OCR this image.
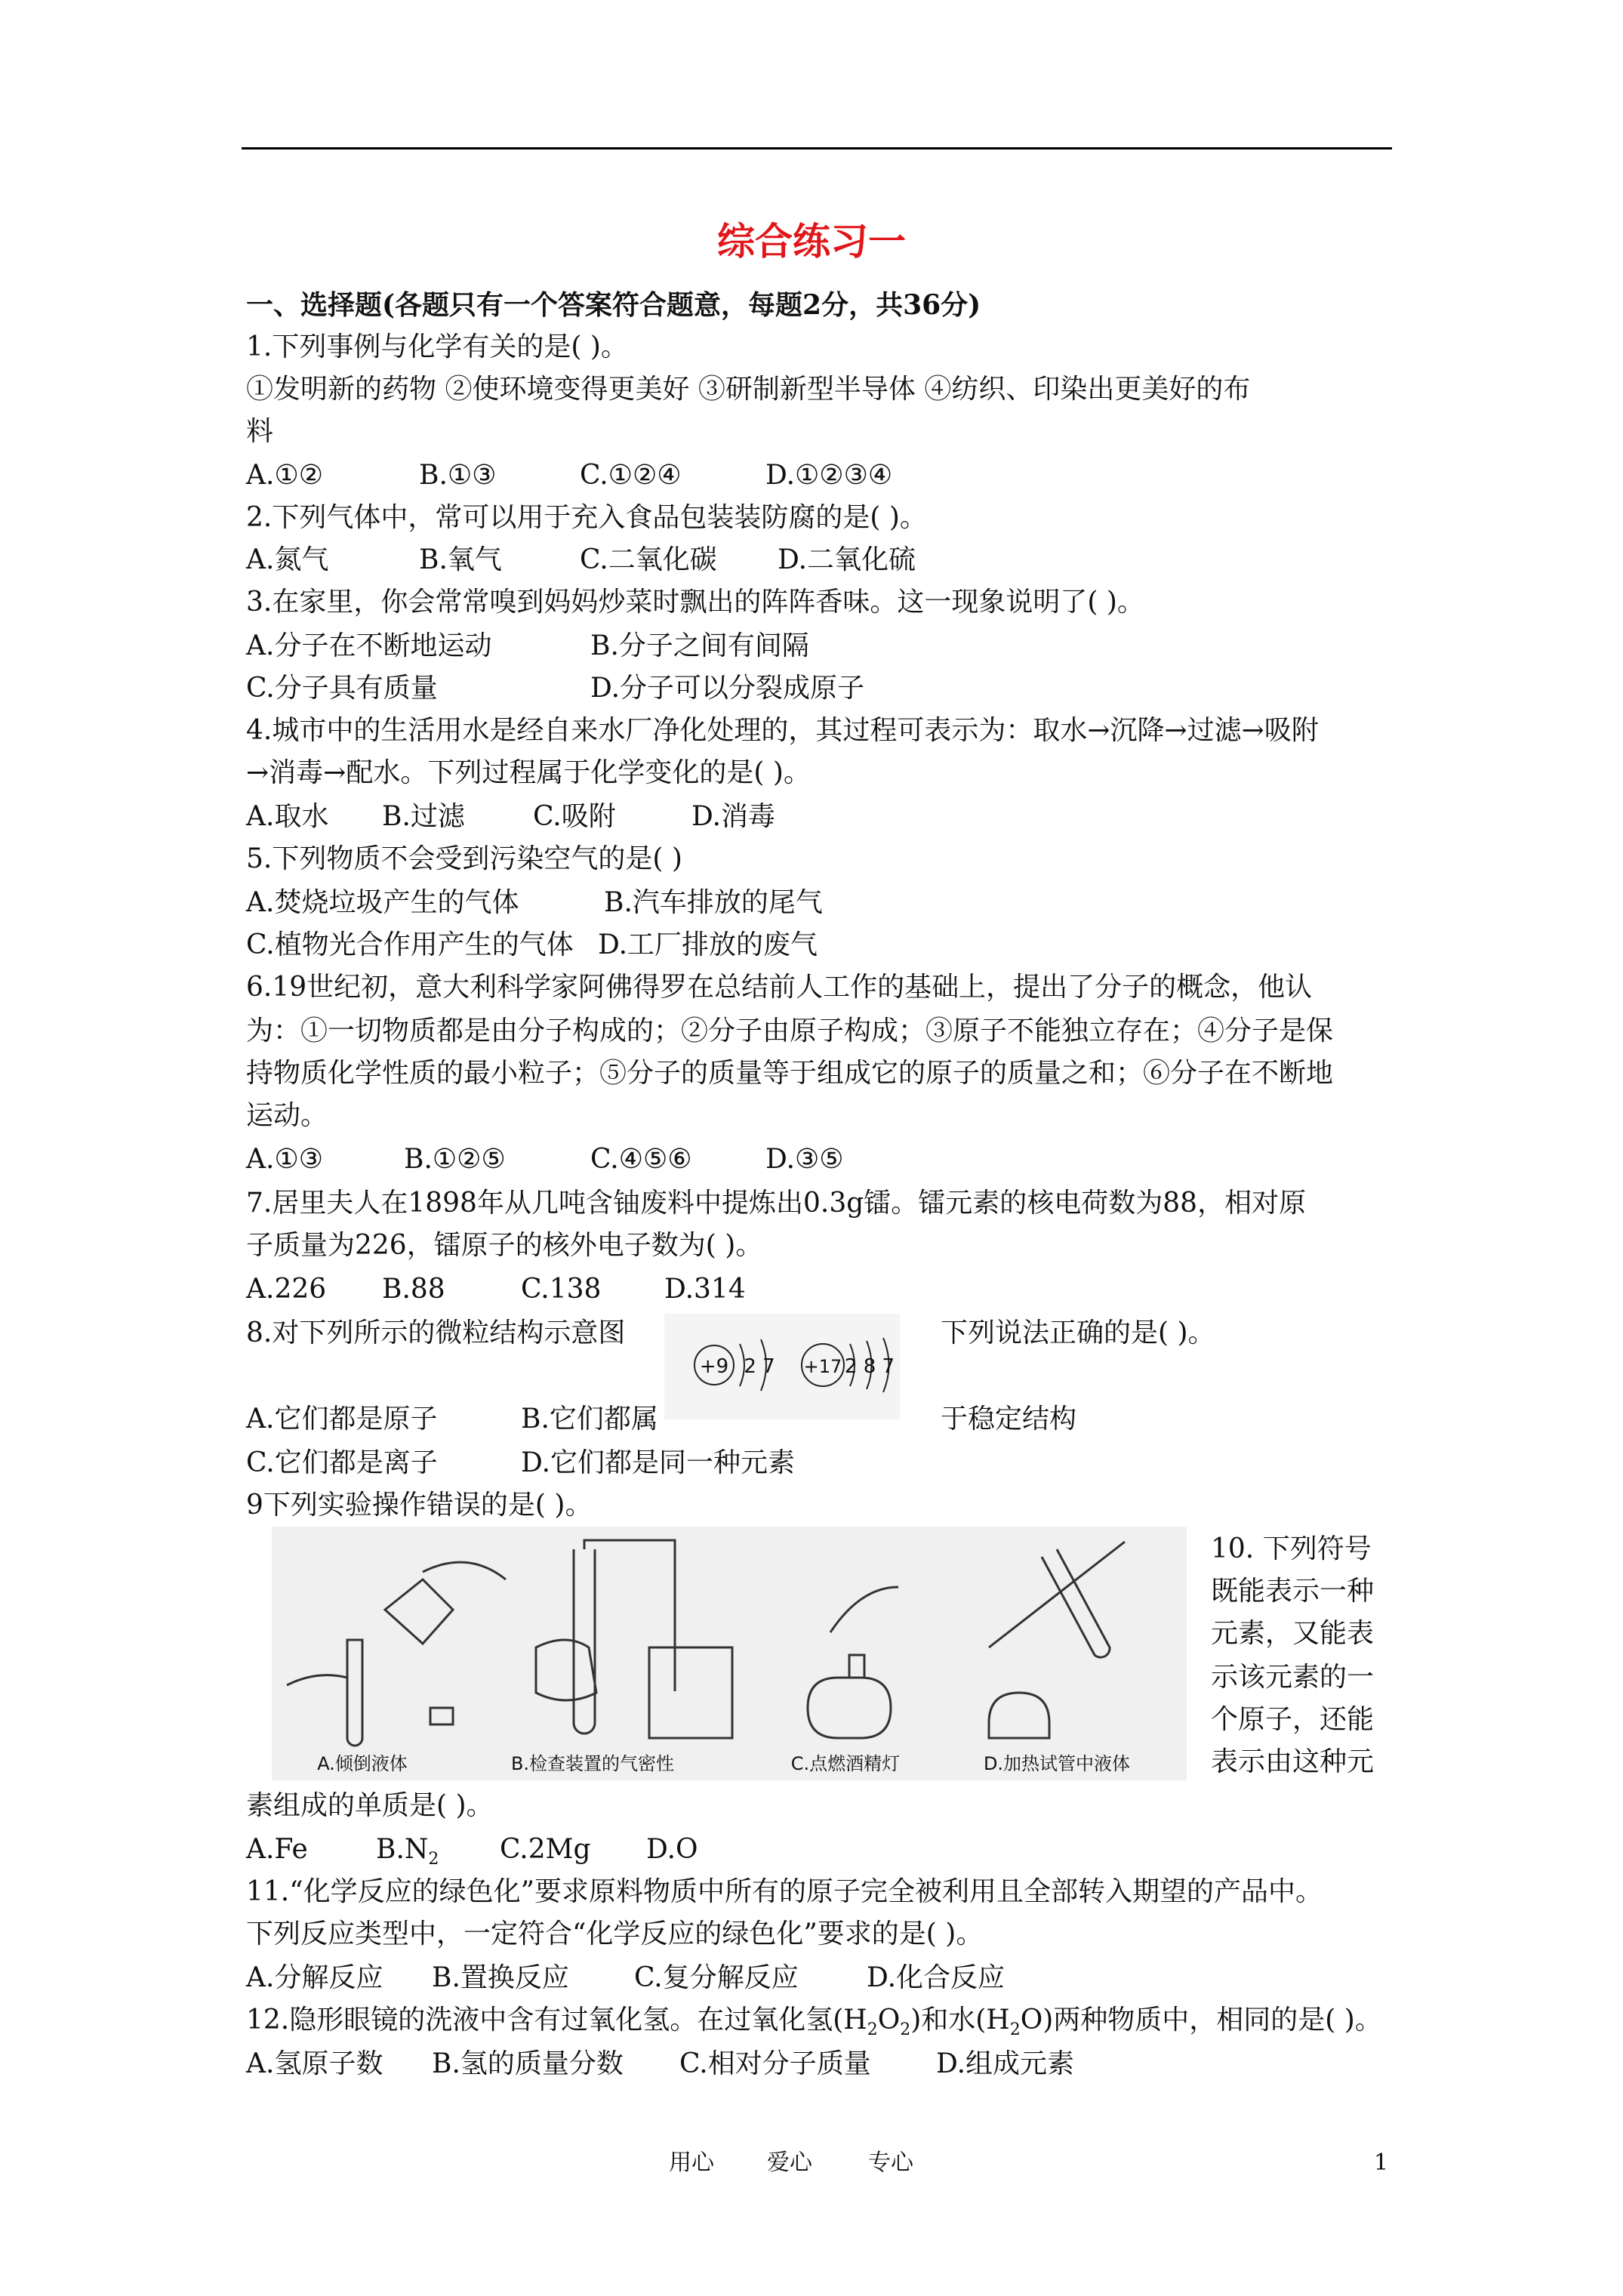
综合练习一
一、选择题(各题只有一个答案符合题意，每题2分，共36分)
1.下列事例与化学有关的是( )。
①发明新的药物 ②使环境变得更美好 ③研制新型半导体 ④纺织、印染出更美好的布
料
A.①②	B.①③	C.①②④	D.①②③④
2.下列气体中，常可以用于充入食品包装装防腐的是( )。
A.氮气	B.氧气	C.二氧化碳 D.二氧化硫
3.在家里，你会常常嗅到妈妈炒菜时飘出的阵阵香味。这一现象说明了( )。
A.分子在不断地运动	B.分子之间有间隔
C.分子具有质量	D.分子可以分裂成原子
4.城市中的生活用水是经自来水厂净化处理的，其过程可表示为：取水→沉降→过滤→吸附
→消毒→配水。下列过程属于化学变化的是( )。
A.取水 B.过滤	C.吸附	D.消毒
5.下列物质不会受到污染空气的是( )
A.焚烧垃圾产生的气体	B.汽车排放的尾气
C.植物光合作用产生的气体 D.工厂排放的废气
6.19世纪初，意大利科学家阿佛得罗在总结前人工作的基础上，提出了分子的概念，他认
为：①一切物质都是由分子构成的；②分子由原子构成；③原子不能独立存在；④分子是保
持物质化学性质的最小粒子；⑤分子的质量等于组成它的原子的质量之和；⑥分子在不断地
运动。
A.①③	B.①②⑤	C.④⑤⑥	D.③⑤
7.居里夫人在1898年从几吨含铀废料中提炼出0.3g镭。镭元素的核电荷数为88，相对原
子质量为226，镭原子的核外电子数为( )。
A.226 B.88	C.138 D.314
8.对下列所示的微粒结构示意图	下列说法正确的是( )。
+9 2 7 +17 2 8 7
A.它们都是原子	B.它们都属	于稳定结构
C.它们都是离子	D.它们都是同一种元素
9下列实验操作错误的是( )。
A.倾倒液体	B.检查装置的气密性	C.点燃酒精灯	D.加热试管中液体
10. 下列符号
既能表示一种
元素，又能表
示该元素的一
个原子，还能
表示由这种元
素组成的单质是( )。
A.Fe	$B.N_2$ C.2Mg D.O
11.“化学反应的绿色化”要求原料物质中所有的原子完全被利用且全部转入期望的产品中。
下列反应类型中，一定符合“化学反应的绿色化”要求的是( )。
A.分解反应 B.置换反应 C.复分解反应	D.化合反应
12.隐形眼镜的洗液中含有过氧化氢。在过氧化氢$(H_2O_2)$和水$(H_2O)$两种物质中，相同的是( )。
A.氢原子数 B.氢的质量分数 C.相对分子质量 D.组成元素
用心 爱心 专心	1
